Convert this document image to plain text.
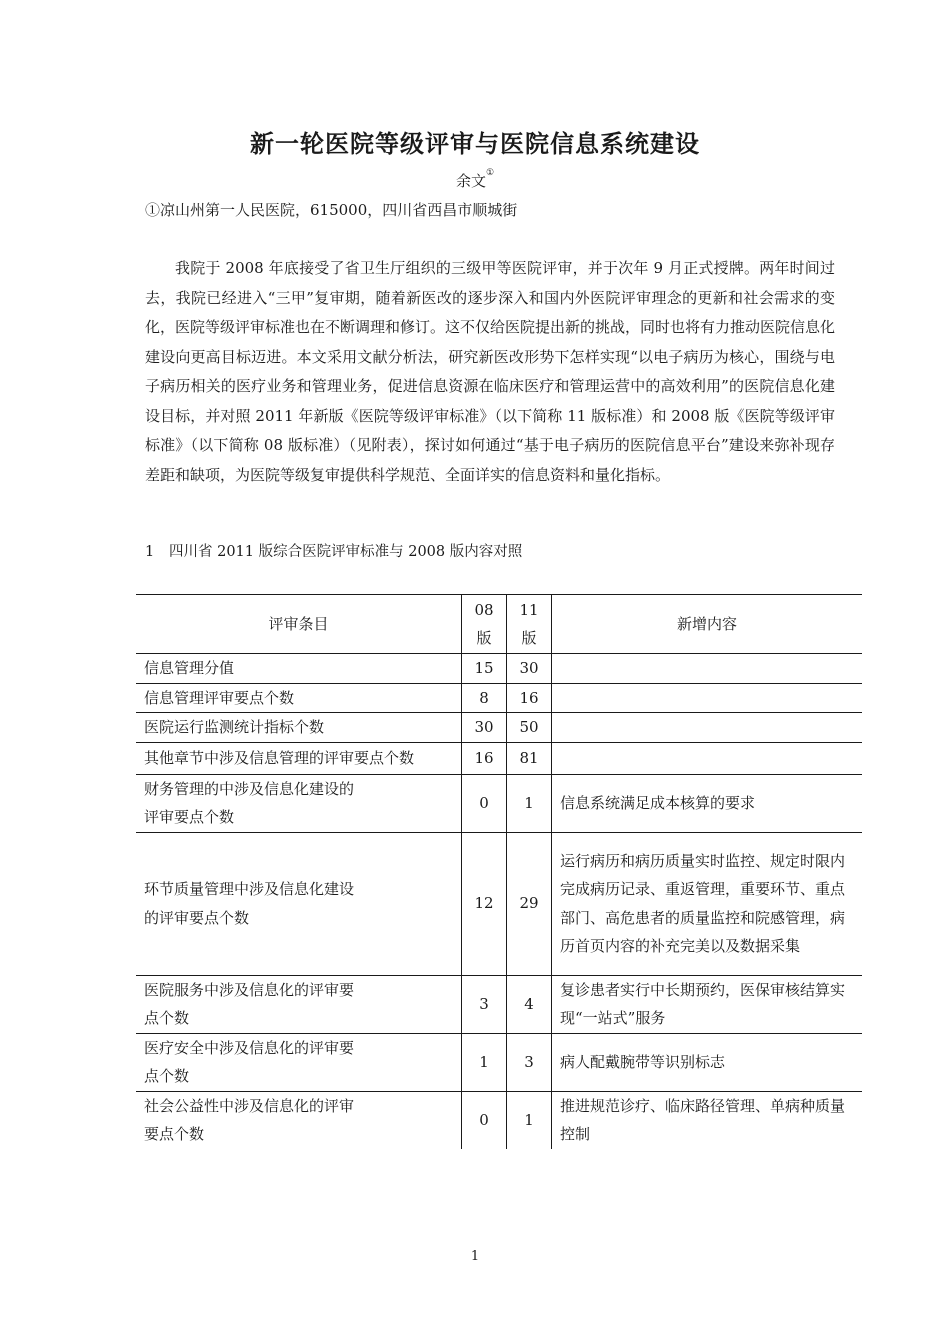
新一轮医院等级评审与医院信息系统建设
余文①
①凉山州第一人民医院，615000，四川省西昌市顺城街

我院于 2008 年底接受了省卫生厅组织的三级甲等医院评审，并于次年 9 月正式授牌。两年时间过去，我院已经进入“三甲”复审期，随着新医改的逐步深入和国内外医院评审理念的更新和社会需求的变化，医院等级评审标准也在不断调理和修订。这不仅给医院提出新的挑战，同时也将有力推动医院信息化建设向更高目标迈进。本文采用文献分析法，研究新医改形势下怎样实现“以电子病历为核心，围绕与电子病历相关的医疗业务和管理业务，促进信息资源在临床医疗和管理运营中的高效利用”的医院信息化建设目标，并对照 2011 年新版《医院等级评审标准》（以下简称 11 版标准）和 2008 版《医院等级评审标准》（以下简称 08 版标准）（见附表），探讨如何通过“基于电子病历的医院信息平台”建设来弥补现存差距和缺项，为医院等级复审提供科学规范、全面详实的信息资料和量化指标。

1 四川省 2011 版综合医院评审标准与 2008 版内容对照
评审条目	08 版	11 版	新增内容
信息管理分值	15	30	
信息管理评审要点个数	8	16	
医院运行监测统计指标个数	30	50	
其他章节中涉及信息管理的评审要点个数	16	81	

财务管理的中涉及信息化建设的评审要点个数	0	1	信息系统满足成本核算的要求

环节质量管理中涉及信息化建设的评审要点个数	12	29	运行病历和病历质量实时监控、规定时限内完成病历记录、重返管理，重要环节、重点部门、高危患者的质量监控和院感管理，病历首页内容的补充完美以及数据采集

医院服务中涉及信息化的评审要点个数	3	4	复诊患者实行中长期预约，医保审核结算实现“一站式”服务

医疗安全中涉及信息化的评审要点个数	1	3	病人配戴腕带等识别标志

社会公益性中涉及信息化的评审要点个数	0	1	推进规范诊疗、临床路径管理、单病种质量控制
1
